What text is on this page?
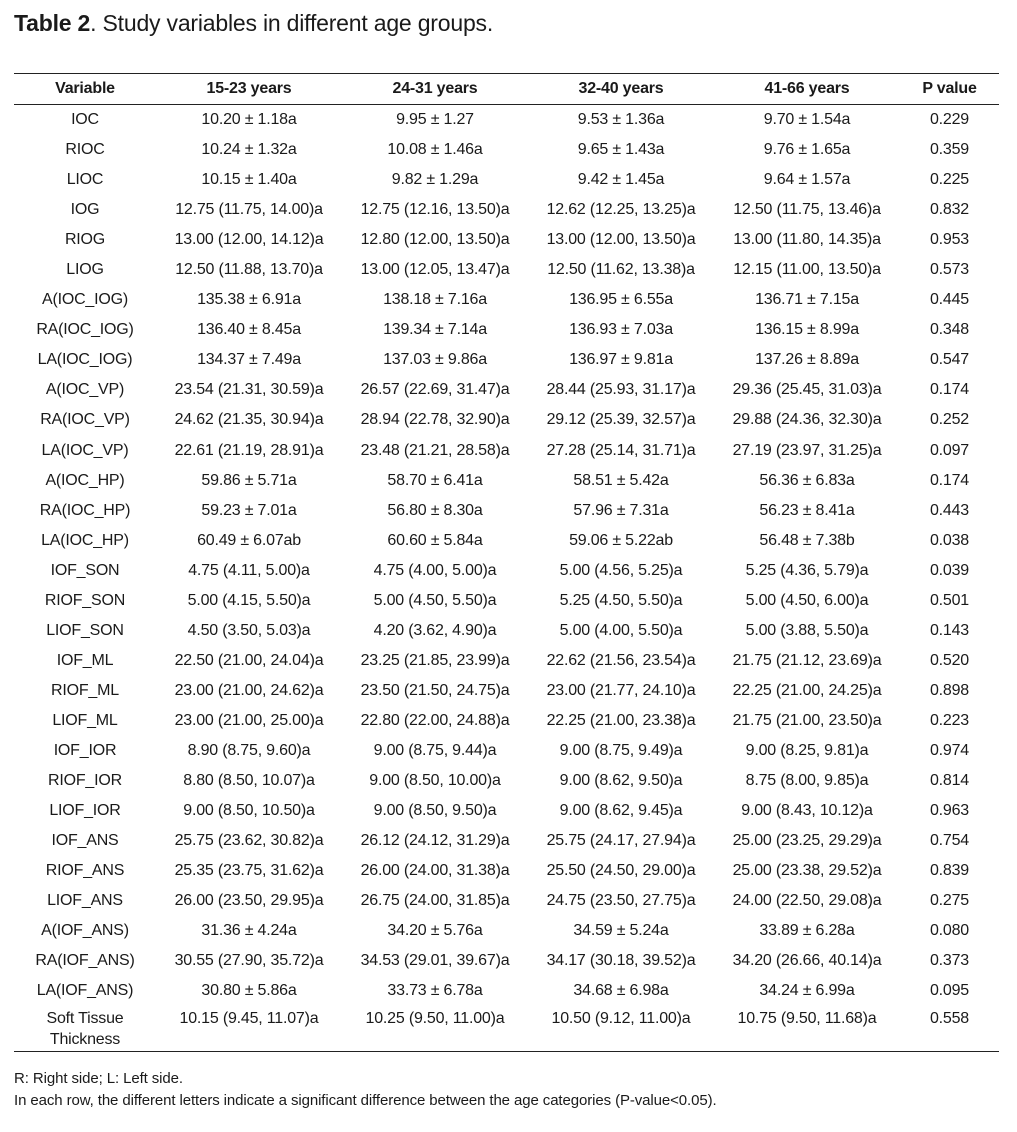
Table 2. Study variables in different age groups.
Variable	15-23 years	24-31 years	32-40 years	41-66 years	P value
IOC	10.20 ± 1.18a	9.95 ± 1.27	9.53 ± 1.36a	9.70 ± 1.54a	0.229
RIOC	10.24 ± 1.32a	10.08 ± 1.46a	9.65 ± 1.43a	9.76 ± 1.65a	0.359
LIOC	10.15 ± 1.40a	9.82 ± 1.29a	9.42 ± 1.45a	9.64 ± 1.57a	0.225
IOG	12.75 (11.75, 14.00)a	12.75 (12.16, 13.50)a	12.62 (12.25, 13.25)a	12.50 (11.75, 13.46)a	0.832
RIOG	13.00 (12.00, 14.12)a	12.80 (12.00, 13.50)a	13.00 (12.00, 13.50)a	13.00 (11.80, 14.35)a	0.953
LIOG	12.50 (11.88, 13.70)a	13.00 (12.05, 13.47)a	12.50 (11.62, 13.38)a	12.15 (11.00, 13.50)a	0.573
A(IOC_IOG)	135.38 ± 6.91a	138.18 ± 7.16a	136.95 ± 6.55a	136.71 ± 7.15a	0.445
RA(IOC_IOG)	136.40 ± 8.45a	139.34 ± 7.14a	136.93 ± 7.03a	136.15 ± 8.99a	0.348
LA(IOC_IOG)	134.37 ± 7.49a	137.03 ± 9.86a	136.97 ± 9.81a	137.26 ± 8.89a	0.547
A(IOC_VP)	23.54 (21.31, 30.59)a	26.57 (22.69, 31.47)a	28.44 (25.93, 31.17)a	29.36 (25.45, 31.03)a	0.174
RA(IOC_VP)	24.62 (21.35, 30.94)a	28.94 (22.78, 32.90)a	29.12 (25.39, 32.57)a	29.88 (24.36, 32.30)a	0.252
LA(IOC_VP)	22.61 (21.19, 28.91)a	23.48 (21.21, 28.58)a	27.28 (25.14, 31.71)a	27.19 (23.97, 31.25)a	0.097
A(IOC_HP)	59.86 ± 5.71a	58.70 ± 6.41a	58.51 ± 5.42a	56.36 ± 6.83a	0.174
RA(IOC_HP)	59.23 ± 7.01a	56.80 ± 8.30a	57.96 ± 7.31a	56.23 ± 8.41a	0.443
LA(IOC_HP)	60.49 ± 6.07ab	60.60 ± 5.84a	59.06 ± 5.22ab	56.48 ± 7.38b	0.038
IOF_SON	4.75 (4.11, 5.00)a	4.75 (4.00, 5.00)a	5.00 (4.56, 5.25)a	5.25 (4.36, 5.79)a	0.039
RIOF_SON	5.00 (4.15, 5.50)a	5.00 (4.50, 5.50)a	5.25 (4.50, 5.50)a	5.00 (4.50, 6.00)a	0.501
LIOF_SON	4.50 (3.50, 5.03)a	4.20 (3.62, 4.90)a	5.00 (4.00, 5.50)a	5.00 (3.88, 5.50)a	0.143
IOF_ML	22.50 (21.00, 24.04)a	23.25 (21.85, 23.99)a	22.62 (21.56, 23.54)a	21.75 (21.12, 23.69)a	0.520
RIOF_ML	23.00 (21.00, 24.62)a	23.50 (21.50, 24.75)a	23.00 (21.77, 24.10)a	22.25 (21.00, 24.25)a	0.898
LIOF_ML	23.00 (21.00, 25.00)a	22.80 (22.00, 24.88)a	22.25 (21.00, 23.38)a	21.75 (21.00, 23.50)a	0.223
IOF_IOR	8.90 (8.75, 9.60)a	9.00 (8.75, 9.44)a	9.00 (8.75, 9.49)a	9.00 (8.25, 9.81)a	0.974
RIOF_IOR	8.80 (8.50, 10.07)a	9.00 (8.50, 10.00)a	9.00 (8.62, 9.50)a	8.75 (8.00, 9.85)a	0.814
LIOF_IOR	9.00 (8.50, 10.50)a	9.00 (8.50, 9.50)a	9.00 (8.62, 9.45)a	9.00 (8.43, 10.12)a	0.963
IOF_ANS	25.75 (23.62, 30.82)a	26.12 (24.12, 31.29)a	25.75 (24.17, 27.94)a	25.00 (23.25, 29.29)a	0.754
RIOF_ANS	25.35 (23.75, 31.62)a	26.00 (24.00, 31.38)a	25.50 (24.50, 29.00)a	25.00 (23.38, 29.52)a	0.839
LIOF_ANS	26.00 (23.50, 29.95)a	26.75 (24.00, 31.85)a	24.75 (23.50, 27.75)a	24.00 (22.50, 29.08)a	0.275
A(IOF_ANS)	31.36 ± 4.24a	34.20 ± 5.76a	34.59 ± 5.24a	33.89 ± 6.28a	0.080
RA(IOF_ANS)	30.55 (27.90, 35.72)a	34.53 (29.01, 39.67)a	34.17 (30.18, 39.52)a	34.20 (26.66, 40.14)a	0.373
LA(IOF_ANS)	30.80 ± 5.86a	33.73 ± 6.78a	34.68 ± 6.98a	34.24 ± 6.99a	0.095

Soft Tissue
Thickness	10.15 (9.45, 11.07)a	10.25 (9.50, 11.00)a	10.50 (9.12, 11.00)a	10.75 (9.50, 11.68)a	0.558
R: Right side; L: Left side.
In each row, the different letters indicate a significant difference between the age categories (P-value<0.05).
